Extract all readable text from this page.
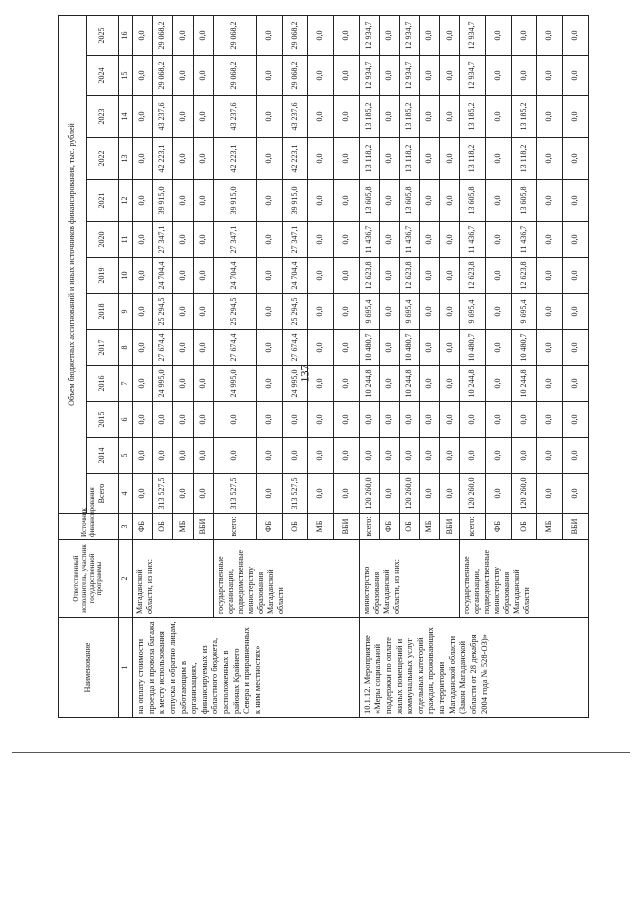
137
Наименование	Ответственный исполнитель, участник государственной программы	Источник финансирования	Объем бюджетных ассигнований и иных источников финансирования, тыс. рублей												
			Всего	2014	2015	2016	2017	2018	2019	2020	2021	2022	2023	2024	2025
1	2	3	4	5	6	7	8	9	10	11	12	13	14	15	16
на оплату стоимости проезда и провоза багажа к месту использования отпуска и обратно лицам, работающим в организациях, финансируемых из областного бюджета, расположенных в районах Крайнего Севера и приравненных к ним местностях»	Магаданской области, из них:	ФБ	0,0	0,0	0,0	0,0	0,0	0,0	0,0	0,0	0,0	0,0	0,0	0,0	0,0
		ОБ	313 527,5	0,0	0,0	24 995,0	27 674,4	25 294,5	24 704,4	27 347,1	39 915,0	42 223,1	43 237,6	29 068,2	29 068,2
		МБ	0,0	0,0	0,0	0,0	0,0	0,0	0,0	0,0	0,0	0,0	0,0	0,0	0,0
		ВБИ	0,0	0,0	0,0	0,0	0,0	0,0	0,0	0,0	0,0	0,0	0,0	0,0	0,0
	государственные организации, подведомственные министерству образования Магаданской области	всего:	313 527,5	0,0	0,0	24 995,0	27 674,4	25 294,5	24 704,4	27 347,1	39 915,0	42 223,1	43 237,6	29 068,2	29 068,2
		ФБ	0,0	0,0	0,0	0,0	0,0	0,0	0,0	0,0	0,0	0,0	0,0	0,0	0,0
		ОБ	313 527,5	0,0	0,0	24 995,0	27 674,4	25 294,5	24 704,4	27 347,1	39 915,0	42 223,1	43 237,6	29 068,2	29 068,2
		МБ	0,0	0,0	0,0	0,0	0,0	0,0	0,0	0,0	0,0	0,0	0,0	0,0	0,0
		ВБИ	0,0	0,0	0,0	0,0	0,0	0,0	0,0	0,0	0,0	0,0	0,0	0,0	0,0
10.1.12. Мероприятие «Меры социальной поддержки по оплате жилых помещений и коммунальных услуг отдельных категорий граждан, проживающих на территории Магаданской области (Закон Магаданской области от 28 декабря 2004 года № 528-ОЗ)»	министерство образования Магаданской области, из них:	всего:	120 260,0	0,0	0,0	10 244,8	10 480,7	9 695,4	12 623,8	11 436,7	13 605,8	13 118,2	13 185,2	12 934,7	12 934,7
		ФБ	0,0	0,0	0,0	0,0	0,0	0,0	0,0	0,0	0,0	0,0	0,0	0,0	0,0
		ОБ	120 260,0	0,0	0,0	10 244,8	10 480,7	9 695,4	12 623,8	11 436,7	13 605,8	13 118,2	13 185,2	12 934,7	12 934,7
		МБ	0,0	0,0	0,0	0,0	0,0	0,0	0,0	0,0	0,0	0,0	0,0	0,0	0,0
		ВБИ	0,0	0,0	0,0	0,0	0,0	0,0	0,0	0,0	0,0	0,0	0,0	0,0	0,0
	государственные организации, подведомственные министерству образования Магаданской области	всего:	120 260,0	0,0	0,0	10 244,8	10 480,7	9 695,4	12 623,8	11 436,7	13 605,8	13 118,2	13 185,2	12 934,7	12 934,7
		ФБ	0,0	0,0	0,0	0,0	0,0	0,0	0,0	0,0	0,0	0,0	0,0	0,0	0,0
		ОБ	120 260,0	0,0	0,0	10 244,8	10 480,7	9 695,4	12 623,8	11 436,7	13 605,8	13 118,2	13 185,2	0,0	0,0
		МБ	0,0	0,0	0,0	0,0	0,0	0,0	0,0	0,0	0,0	0,0	0,0	0,0	0,0
		ВБИ	0,0	0,0	0,0	0,0	0,0	0,0	0,0	0,0	0,0	0,0	0,0	0,0	0,0
